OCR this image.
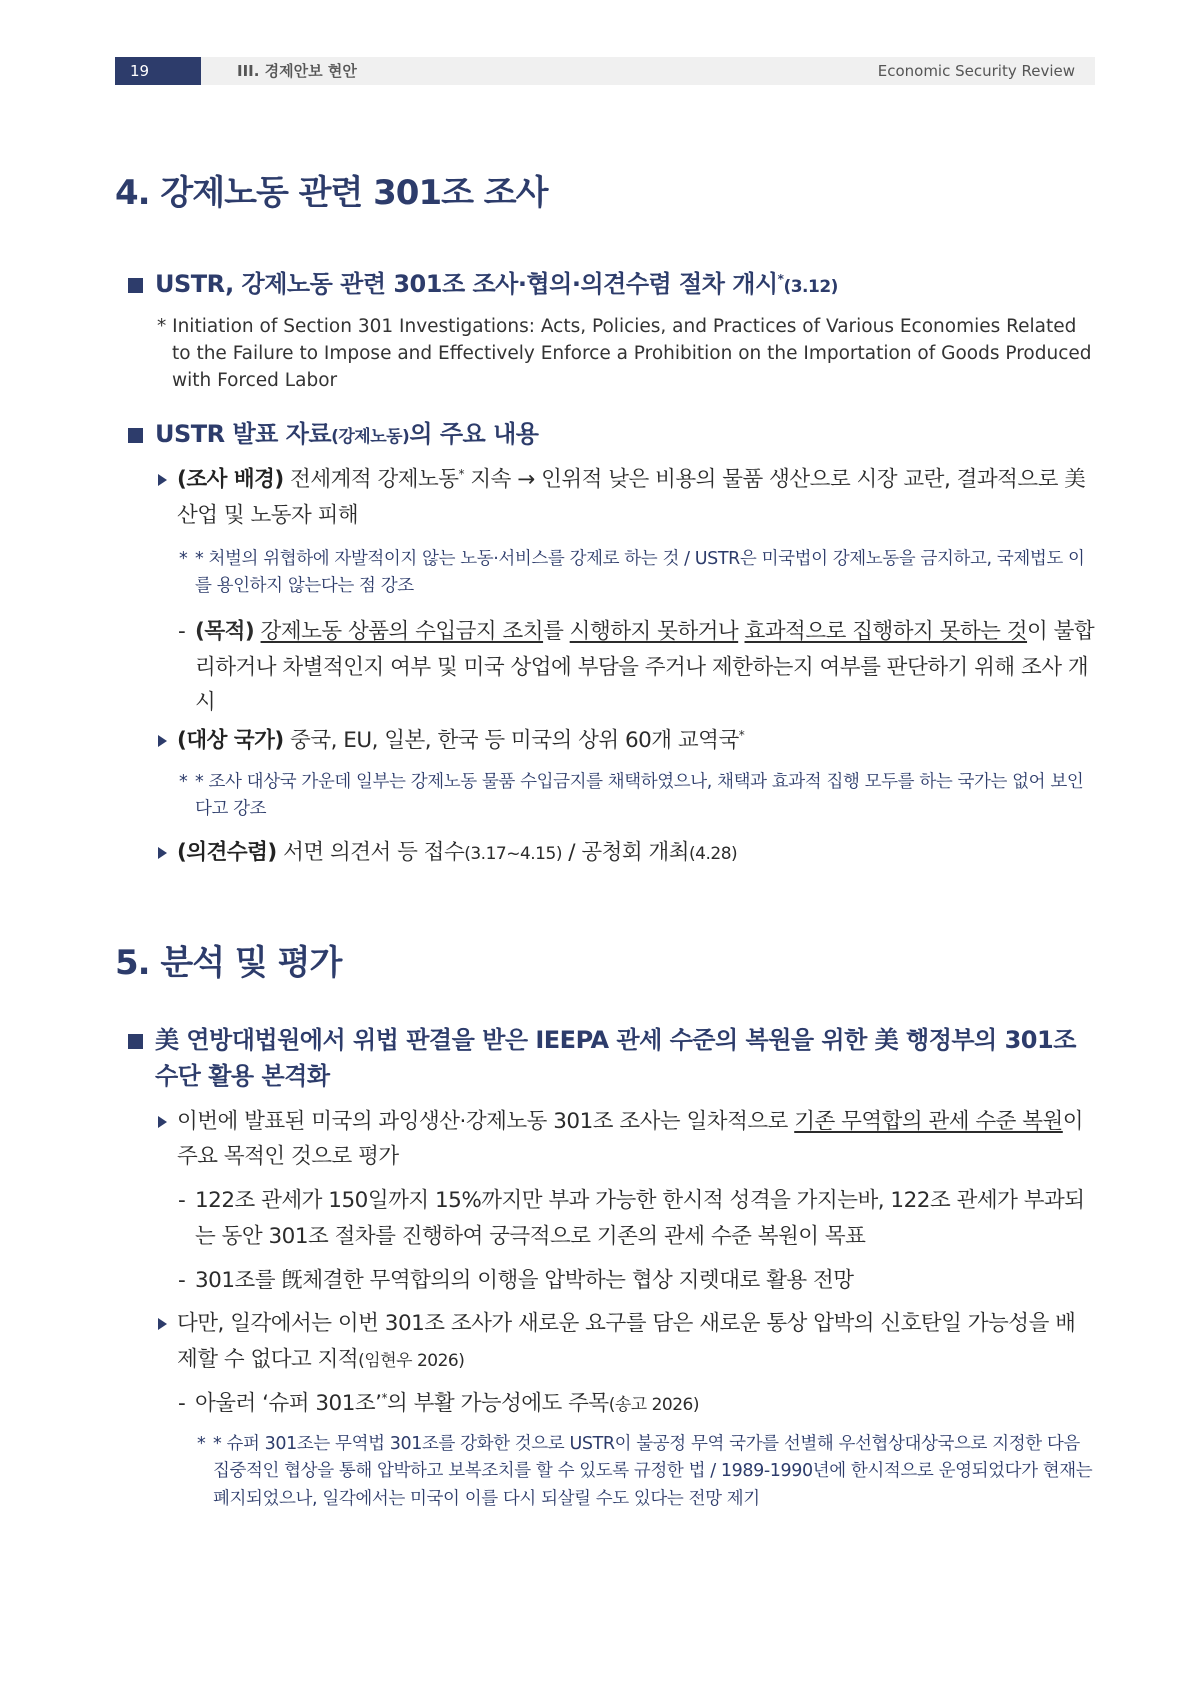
19	III. 경제안보 현안	Economic Security Review
4. 강제노동 관련 301조 조사
USTR, 강제노동 관련 301조 조사·협의·의견수렴 절차 개시*(3.12)
* Initiation of Section 301 Investigations: Acts, Policies, and Practices of Various Economies Related to the Failure to Impose and Effectively Enforce a Prohibition on the Importation of Goods Produced with Forced Labor
USTR 발표 자료(강제노동)의 주요 내용
(조사 배경) 전세계적 강제노동* 지속 → 인위적 낮은 비용의 물품 생산으로 시장 교란, 결과적으로 美 산업 및 노동자 피해
* * 처벌의 위협하에 자발적이지 않는 노동·서비스를 강제로 하는 것 / USTR은 미국법이 강제노동을 금지하고, 국제법도 이를 용인하지 않는다는 점 강조
- (목적) 강제노동 상품의 수입금지 조치를 시행하지 못하거나 효과적으로 집행하지 못하는 것이 불합리하거나 차별적인지 여부 및 미국 상업에 부담을 주거나 제한하는지 여부를 판단하기 위해 조사 개시
(대상 국가) 중국, EU, 일본, 한국 등 미국의 상위 60개 교역국*
* * 조사 대상국 가운데 일부는 강제노동 물품 수입금지를 채택하였으나, 채택과 효과적 집행 모두를 하는 국가는 없어 보인다고 강조
(의견수렴) 서면 의견서 등 접수(3.17~4.15) / 공청회 개최(4.28)
5. 분석 및 평가
美 연방대법원에서 위법 판결을 받은 IEEPA 관세 수준의 복원을 위한 美 행정부의 301조 수단 활용 본격화
이번에 발표된 미국의 과잉생산·강제노동 301조 조사는 일차적으로 기존 무역합의 관세 수준 복원이 주요 목적인 것으로 평가
- 122조 관세가 150일까지 15%까지만 부과 가능한 한시적 성격을 가지는바, 122조 관세가 부과되는 동안 301조 절차를 진행하여 궁극적으로 기존의 관세 수준 복원이 목표
- 301조를 旣체결한 무역합의의 이행을 압박하는 협상 지렛대로 활용 전망
다만, 일각에서는 이번 301조 조사가 새로운 요구를 담은 새로운 통상 압박의 신호탄일 가능성을 배제할 수 없다고 지적(임현우 2026)
- 아울러 ‘슈퍼 301조’*의 부활 가능성에도 주목(송고 2026)
* * 슈퍼 301조는 무역법 301조를 강화한 것으로 USTR이 불공정 무역 국가를 선별해 우선협상대상국으로 지정한 다음 집중적인 협상을 통해 압박하고 보복조치를 할 수 있도록 규정한 법 / 1989-1990년에 한시적으로 운영되었다가 현재는 폐지되었으나, 일각에서는 미국이 이를 다시 되살릴 수도 있다는 전망 제기
